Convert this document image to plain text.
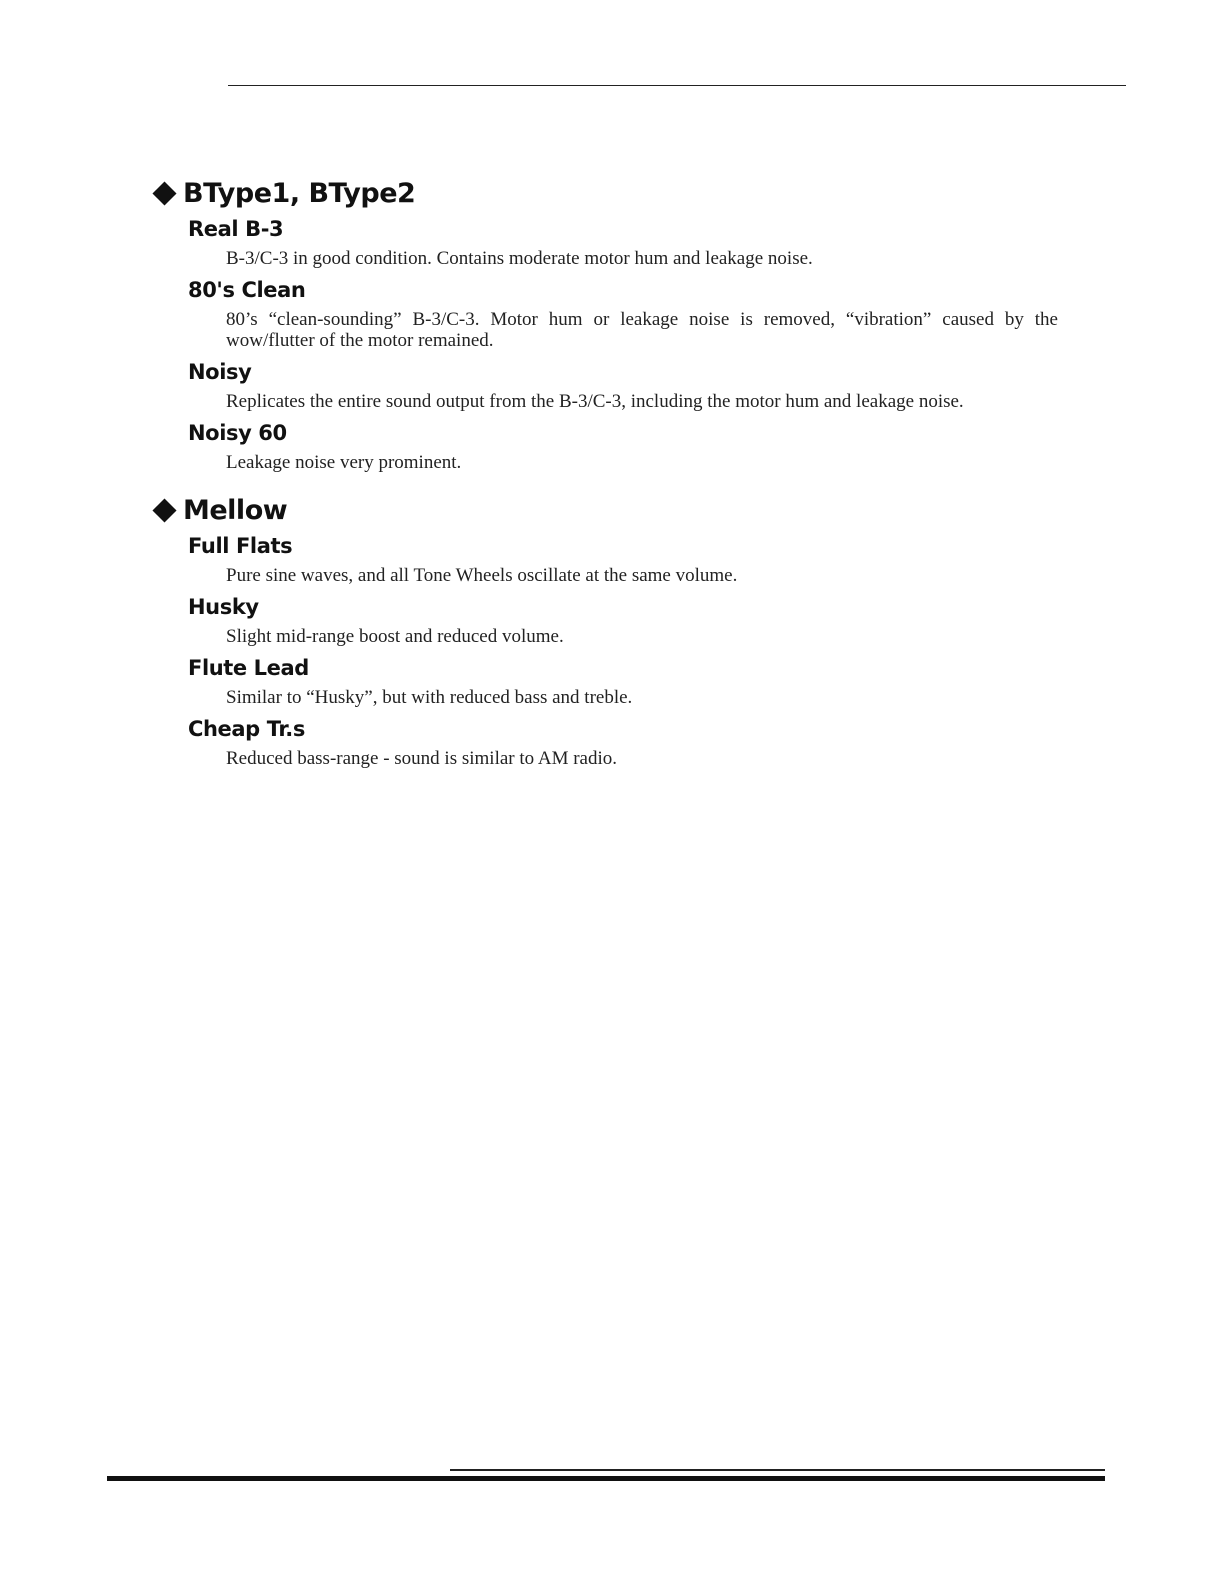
BType1, BType2
Real B-3
B-3/C-3 in good condition. Contains moderate motor hum and leakage noise.
80's Clean
80’s “clean-sounding” B-3/C-3. Motor hum or leakage noise is removed, “vibration” caused by the wow/flutter of the motor remained.
Noisy
Replicates the entire sound output from the B-3/C-3, including the motor hum and leakage noise.
Noisy 60
Leakage noise very prominent.
Mellow
Full Flats
Pure sine waves, and all Tone Wheels oscillate at the same volume.
Husky
Slight mid-range boost and reduced volume.
Flute Lead
Similar to “Husky”, but with reduced bass and treble.
Cheap Tr.s
Reduced bass-range - sound is similar to AM radio.
